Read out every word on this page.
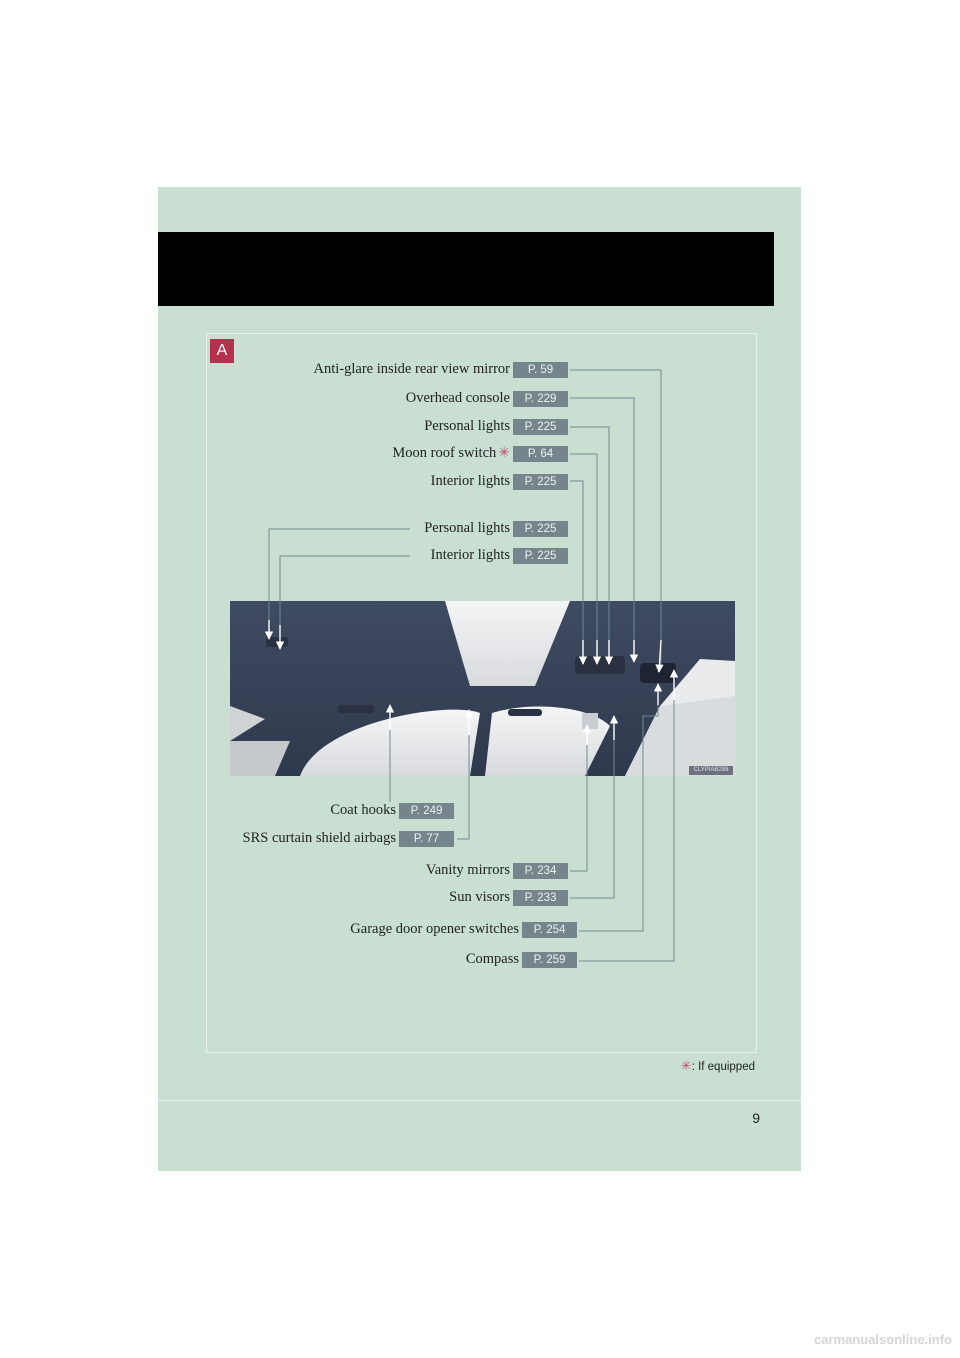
A
Anti-glare inside rear view mirror	P. 59
Overhead console	P. 229
Personal lights	P. 225
Moon roof switch ✳	P. 64
Interior lights	P. 225
Personal lights	P. 225
Interior lights	P. 225
Coat hooks	P. 249
SRS curtain shield airbags	P. 77
Vanity mirrors	P. 234
Sun visors	P. 233
Garage door opener switches	P. 254
Compass	P. 259
CLYPIAB288
✳: If equipped
9
carmanualsonline.info
